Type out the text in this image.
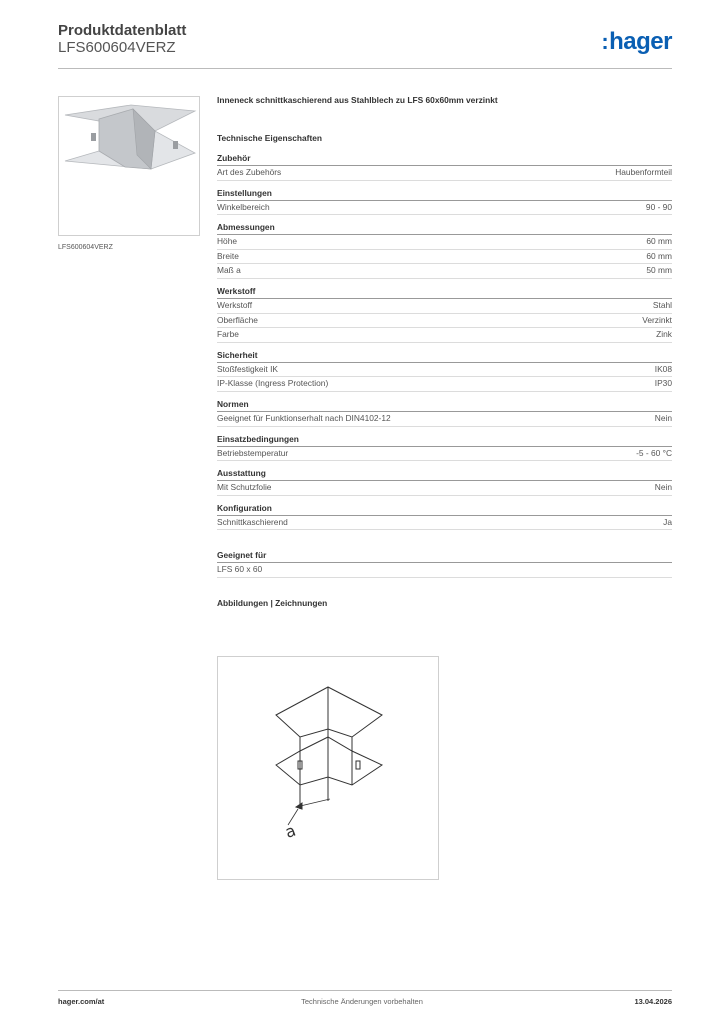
Produktdatenblatt
LFS600604VERZ	:hager
LFS600604VERZ
Inneneck schnittkaschierend aus Stahlblech zu LFS 60x60mm verzinkt
Technische Eigenschaften
Zubehör
Art des Zubehörs	Haubenformteil
Einstellungen
Winkelbereich	90 - 90
Abmessungen
Höhe	60 mm
Breite	60 mm
Maß a	50 mm
Werkstoff
Werkstoff	Stahl
Oberfläche	Verzinkt
Farbe	Zink
Sicherheit
Stoßfestigkeit IK	IK08
IP-Klasse (Ingress Protection)	IP30
Normen
Geeignet für Funktionserhalt nach DIN4102-12	Nein
Einsatzbedingungen
Betriebstemperatur	-5 - 60 °C
Ausstattung
Mit Schutzfolie	Nein
Konfiguration
Schnittkaschierend	Ja
Geeignet für
LFS 60 x 60
Abbildungen | Zeichnungen
a
hager.com/at	Technische Änderungen vorbehalten	13.04.2026
